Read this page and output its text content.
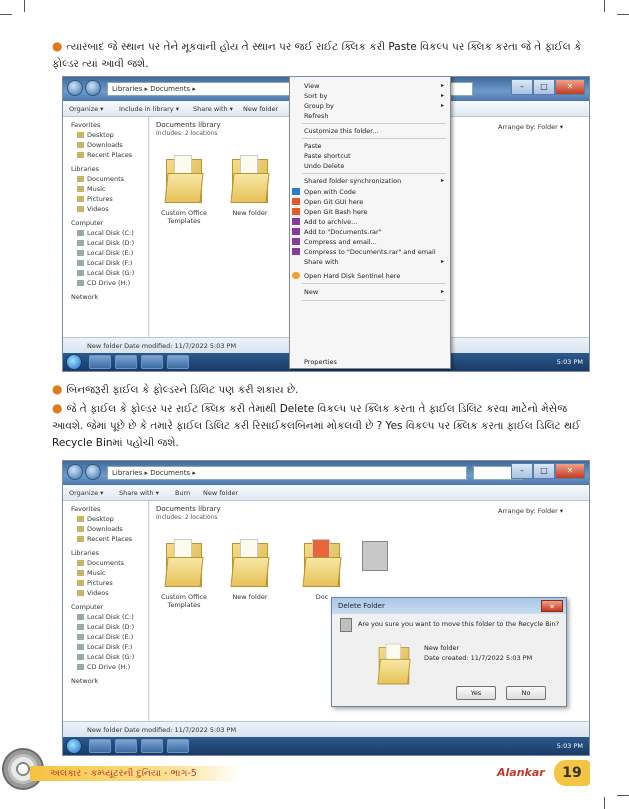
● ત્યારબાદ જે સ્થાન પર તેને મૂકવાની હોય તે સ્થાન પર જઈ રાઈટ ક્લિક કરી Paste વિકલ્પ પર ક્લિક કરતા જે તે ફાઈલ કે ફોલ્ડર ત્યાં આવી જશે.
Libraries ▸ Documents ▸	–	□	✕
Organize ▾ Include in library ▾ Share with ▾ New folder
Favorites
Desktop
Downloads
Recent Places
Libraries
Documents
Music
Pictures
Videos
Computer
Local Disk (C:)
Local Disk (D:)
Local Disk (E:)
Local Disk (F:)
Local Disk (G:)
CD Drive (H:)
Network
Documents library
Includes: 2 locations
Arrange by: Folder ▾
Custom Office Templates
New folder
New folder Date modified: 11/7/2022 5:03 PM
5:03 PM
View	▸
Sort by	▸
Group by	▸
Refresh
Customize this folder...
Paste
Paste shortcut
Undo Delete
Shared folder synchronization	▸
Open with Code
Open Git GUI here
Open Git Bash here
Add to archive...
Add to "Documents.rar"
Compress and email...
Compress to "Documents.rar" and email
Share with	▸
Open Hard Disk Sentinel here
New	▸
Properties
● બિનજરૂરી ફાઈલ કે ફોલ્ડરને ડિલિટ પણ કરી શકાય છે.
● જે તે ફાઈલ કે ફોલ્ડર પર રાઈટ ક્લિક કરી તેમાંથી Delete વિકલ્પ પર ક્લિક કરતા તે ફાઈલ ડિલિટ કરવા માટેનો મેસેજ આવશે. જેમાં પૂછે છે કે તમારે ફાઈલ ડિલિટ કરી રિસાઈકલબિનમાં મોકલવી છે ? Yes વિકલ્પ પર ક્લિક કરતા ફાઈલ ડિલિટ થઈ Recycle Binમાં પહોંચી જશે.
Libraries ▸ Documents ▸	–	□	✕
Organize ▾ Share with ▾ Burn New folder
Favorites
Desktop
Downloads
Recent Places
Libraries
Documents
Music
Pictures
Videos
Computer
Local Disk (C:)
Local Disk (D:)
Local Disk (E:)
Local Disk (F:)
Local Disk (G:)
CD Drive (H:)
Network
Documents library
Includes: 2 locations
Arrange by: Folder ▾
Custom Office Templates
New folder	Doc
New folder Date modified: 11/7/2022 5:03 PM
5:03 PM
Delete Folder	✕
Are you sure you want to move this folder to the Recycle Bin?
New folder
Date created: 11/7/2022 5:03 PM
Yes	No
અલંકાર - કમ્પ્યૂટરની દુનિયા - ભાગ-5	Alankar	19
